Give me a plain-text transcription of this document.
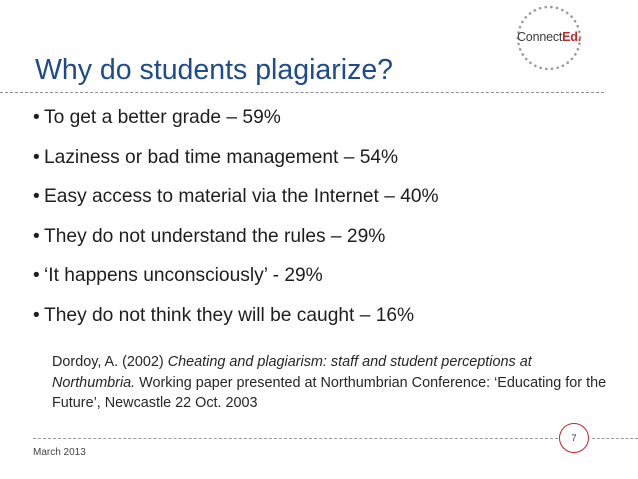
ConnectEd.
Why do students plagiarize?
• To get a better grade – 59%
• Laziness or bad time management – 54%
• Easy access to material via the Internet – 40%
• They do not understand the rules – 29%
• ‘It happens unconsciously’ - 29%
• They do not think they will be caught – 16%
Dordoy, A. (2002) Cheating and plagiarism: staff and student perceptions at Northumbria. Working paper presented at Northumbrian Conference: ‘Educating for the Future’, Newcastle 22 Oct. 2003
7
March 2013
